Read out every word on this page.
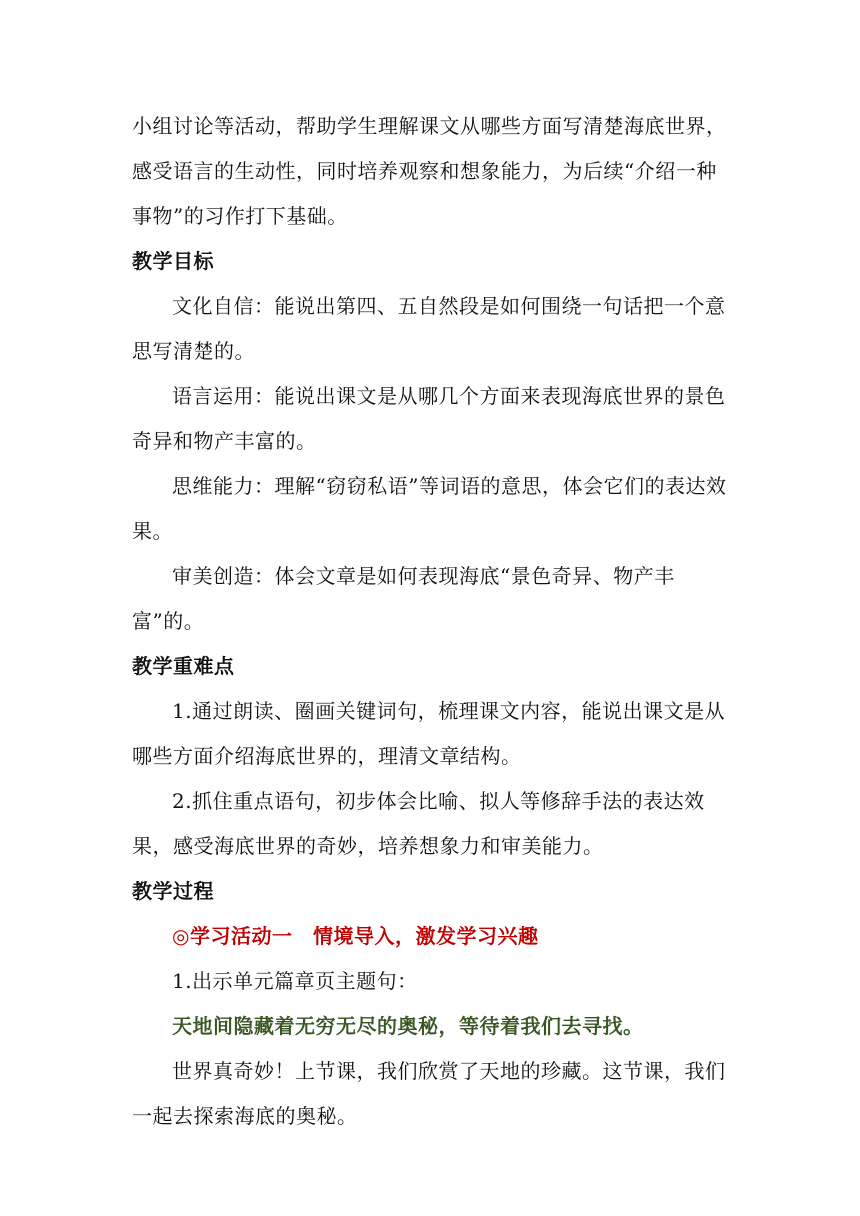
小组讨论等活动，帮助学生理解课文从哪些方面写清楚海底世界，感受语言的生动性，同时培养观察和想象能力，为后续“介绍一种事物”的习作打下基础。

教学目标

文化自信：能说出第四、五自然段是如何围绕一句话把一个意思写清楚的。

语言运用：能说出课文是从哪几个方面来表现海底世界的景色奇异和物产丰富的。

思维能力：理解“窃窃私语”等词语的意思，体会它们的表达效果。

审美创造：体会文章是如何表现海底“景色奇异、物产丰富”的。

教学重难点

1.通过朗读、圈画关键词句，梳理课文内容，能说出课文是从哪些方面介绍海底世界的，理清文章结构。

2.抓住重点语句，初步体会比喻、拟人等修辞手法的表达效果，感受海底世界的奇妙，培养想象力和审美能力。

教学过程

◎学习活动一　情境导入，激发学习兴趣

1.出示单元篇章页主题句：

天地间隐藏着无穷无尽的奥秘，等待着我们去寻找。

世界真奇妙！上节课，我们欣赏了天地的珍藏。这节课，我们一起去探索海底的奥秘。
